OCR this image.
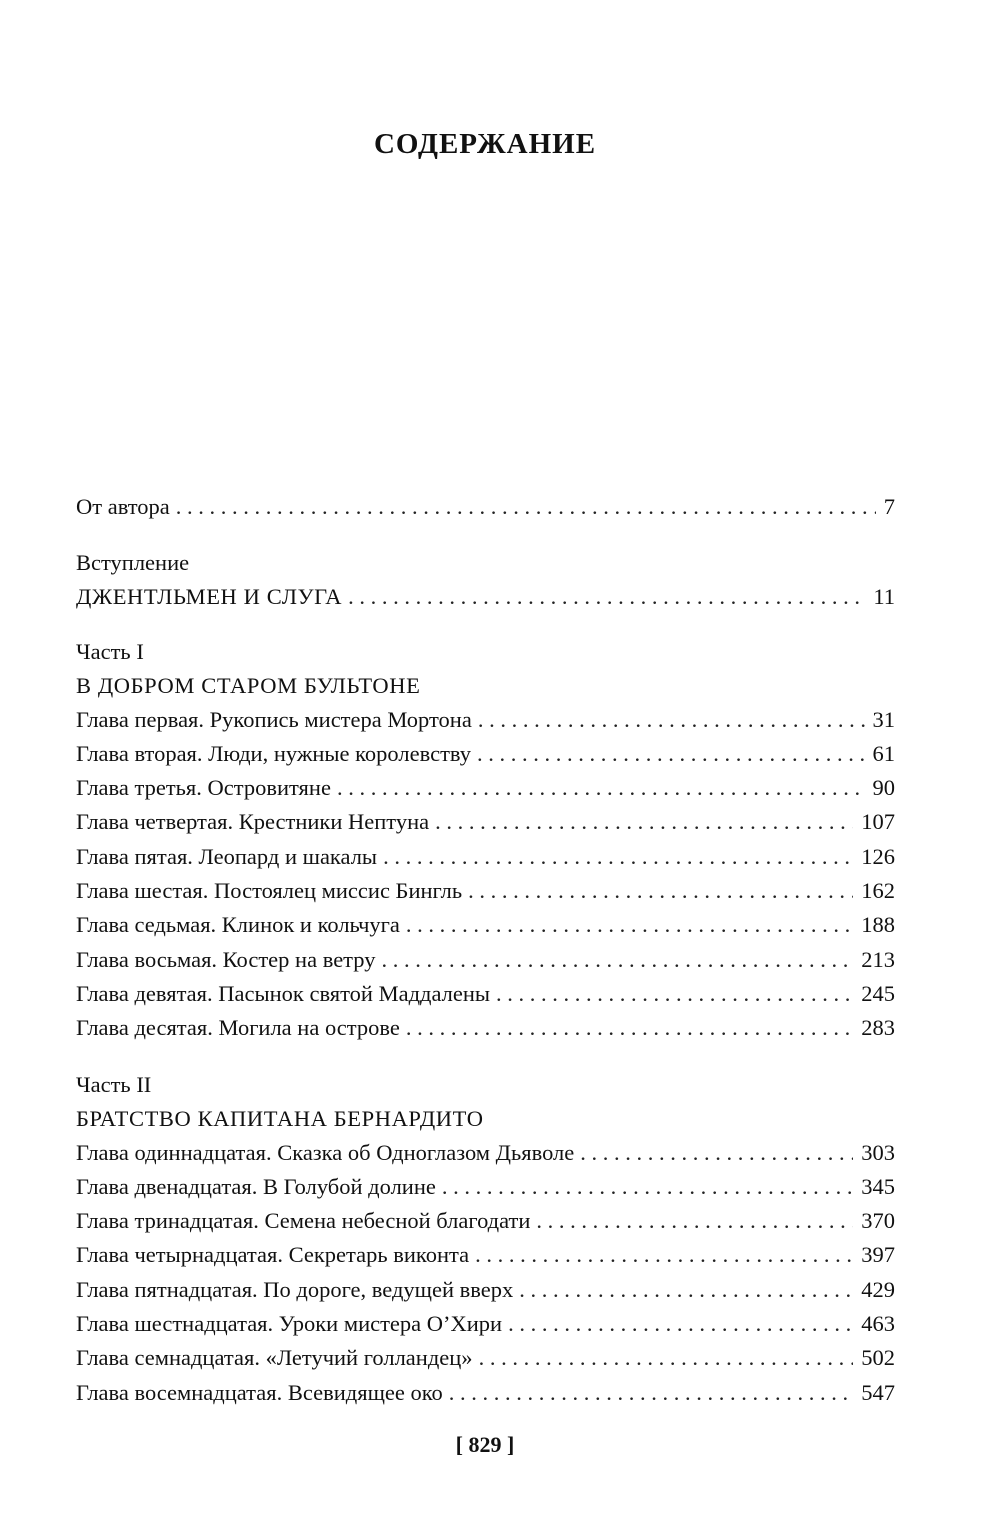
СОДЕРЖАНИЕ
От автора . . .	7
Вступление
ДЖЕНТЛЬМЕН И СЛУГА . . .	11
Часть I
В ДОБРОМ СТАРОМ БУЛЬТОНЕ
Глава первая. Рукопись мистера Мортона . . .	31
Глава вторая. Люди, нужные королевству . . .	61
Глава третья. Островитяне . . .	90
Глава четвертая. Крестники Нептуна . . .	107
Глава пятая. Леопард и шакалы . . .	126
Глава шестая. Постоялец миссис Бингль . . .	162
Глава седьмая. Клинок и кольчуга . . .	188
Глава восьмая. Костер на ветру . . .	213
Глава девятая. Пасынок святой Маддалены . . .	245
Глава десятая. Могила на острове . . .	283
Часть II
БРАТСТВО КАПИТАНА БЕРНАРДИТО
Глава одиннадцатая. Сказка об Одноглазом Дьяволе . . .	303
Глава двенадцатая. В Голубой долине . . .	345
Глава тринадцатая. Семена небесной благодати . . .	370
Глава четырнадцатая. Секретарь виконта . . .	397
Глава пятнадцатая. По дороге, ведущей вверх . . .	429
Глава шестнадцатая. Уроки мистера О’Хири . . .	463
Глава семнадцатая. «Летучий голландец» . . .	502
Глава восемнадцатая. Всевидящее око . . .	547
[ 829 ]
